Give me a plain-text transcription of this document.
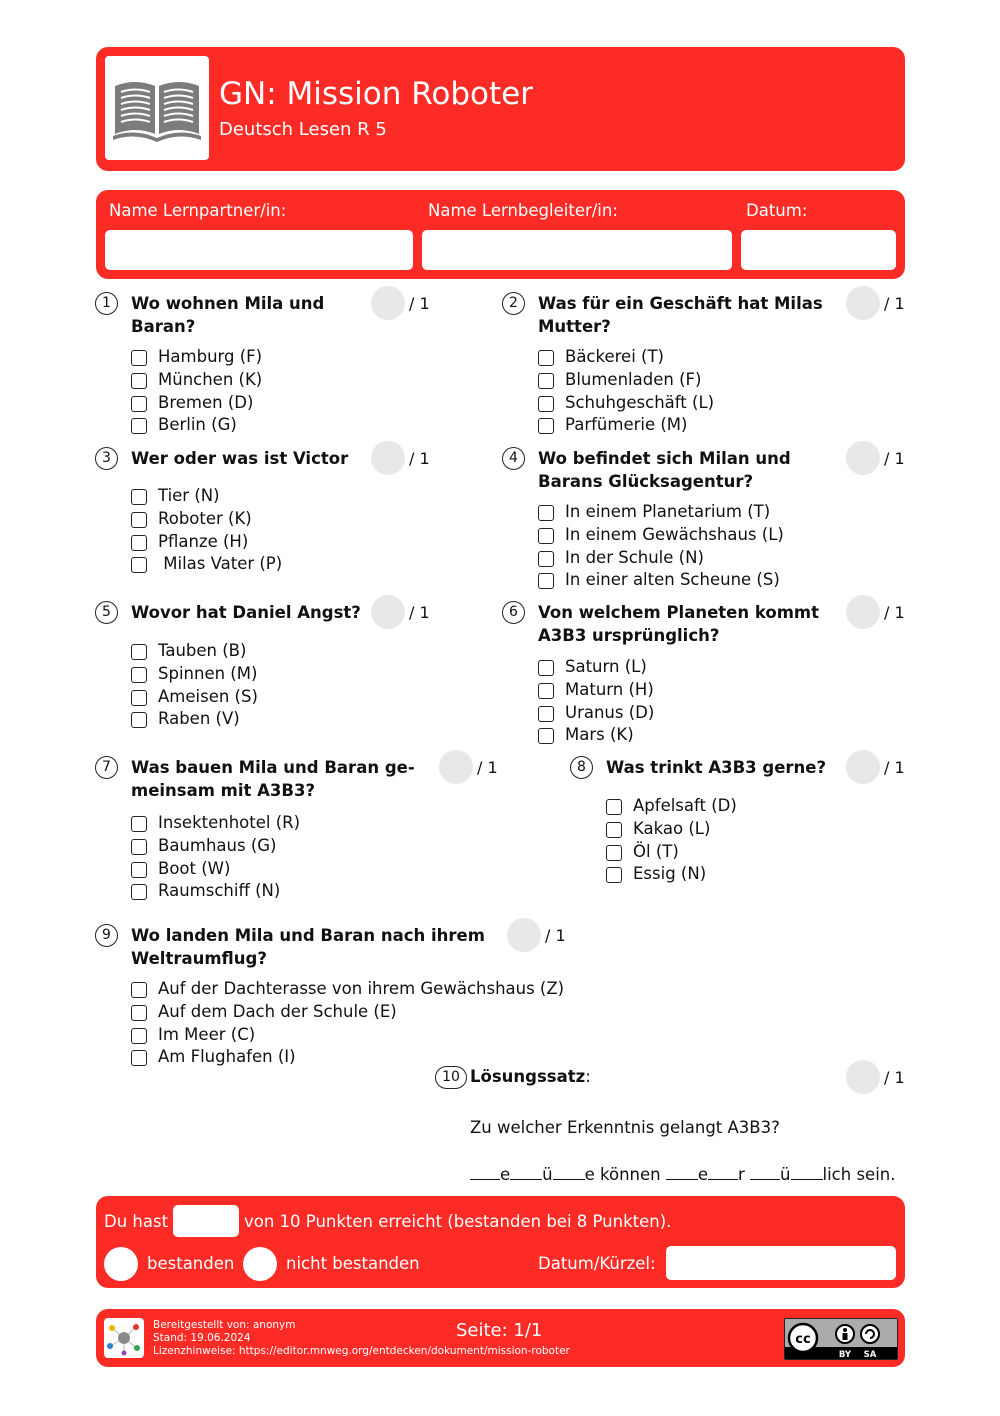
GN: Mission Roboter
Deutsch Lesen R 5
Name Lernpartner/in:	Name Lernbegleiter/in:	Datum:
1	Wo wohnen Mila und Baran?
/ 1
Hamburg (F)
München (K)
Bremen (D)
Berlin (G)
2	Was für ein Geschäft hat Milas Mutter?
/ 1
Bäckerei (T)
Blumenladen (F)
Schuhgeschäft (L)
Parfümerie (M)
3	Wer oder was ist Victor	/ 1
Tier (N)
Roboter (K)
Pflanze (H)
Milas Vater (P)
4	Wo befindet sich Milan und Barans Glücksagentur?
/ 1
In einem Planetarium (T)
In einem Gewächshaus (L)
In der Schule (N)
In einer alten Scheune (S)
5	Wovor hat Daniel Angst?	/ 1
Tauben (B)
Spinnen (M)
Ameisen (S)
Raben (V)
6	Von welchem Planeten kommt A3B3 ursprünglich?
/ 1
Saturn (L)
Maturn (H)
Uranus (D)
Mars (K)
7	Was bauen Mila und Baran ge-meinsam mit A3B3?
/ 1
Insektenhotel (R)
Baumhaus (G)
Boot (W)
Raumschiff (N)
8	Was trinkt A3B3 gerne?	/ 1
Apfelsaft (D)
Kakao (L)
Öl (T)
Essig (N)
9	Wo landen Mila und Baran nach ihrem Weltraumflug?
/ 1
Auf der Dachterasse von ihrem Gewächshaus (Z)
Auf dem Dach der Schule (E)
Im Meer (C)
Am Flughafen (I)
10 Lösungssatz:	/ 1
Zu welcher Erkenntnis gelangt A3B3?
e ü e können e r ü lich sein.
Du hast	von 10 Punkten erreicht (bestanden bei 8 Punkten).
bestanden	nicht bestanden	Datum/Kürzel:
Bereitgestellt von: anonym
Stand: 19.06.2024
Lizenzhinweise: https://editor.mnweg.org/entdecken/dokument/mission-roboter
Seite: 1/1	cc
BY SA
